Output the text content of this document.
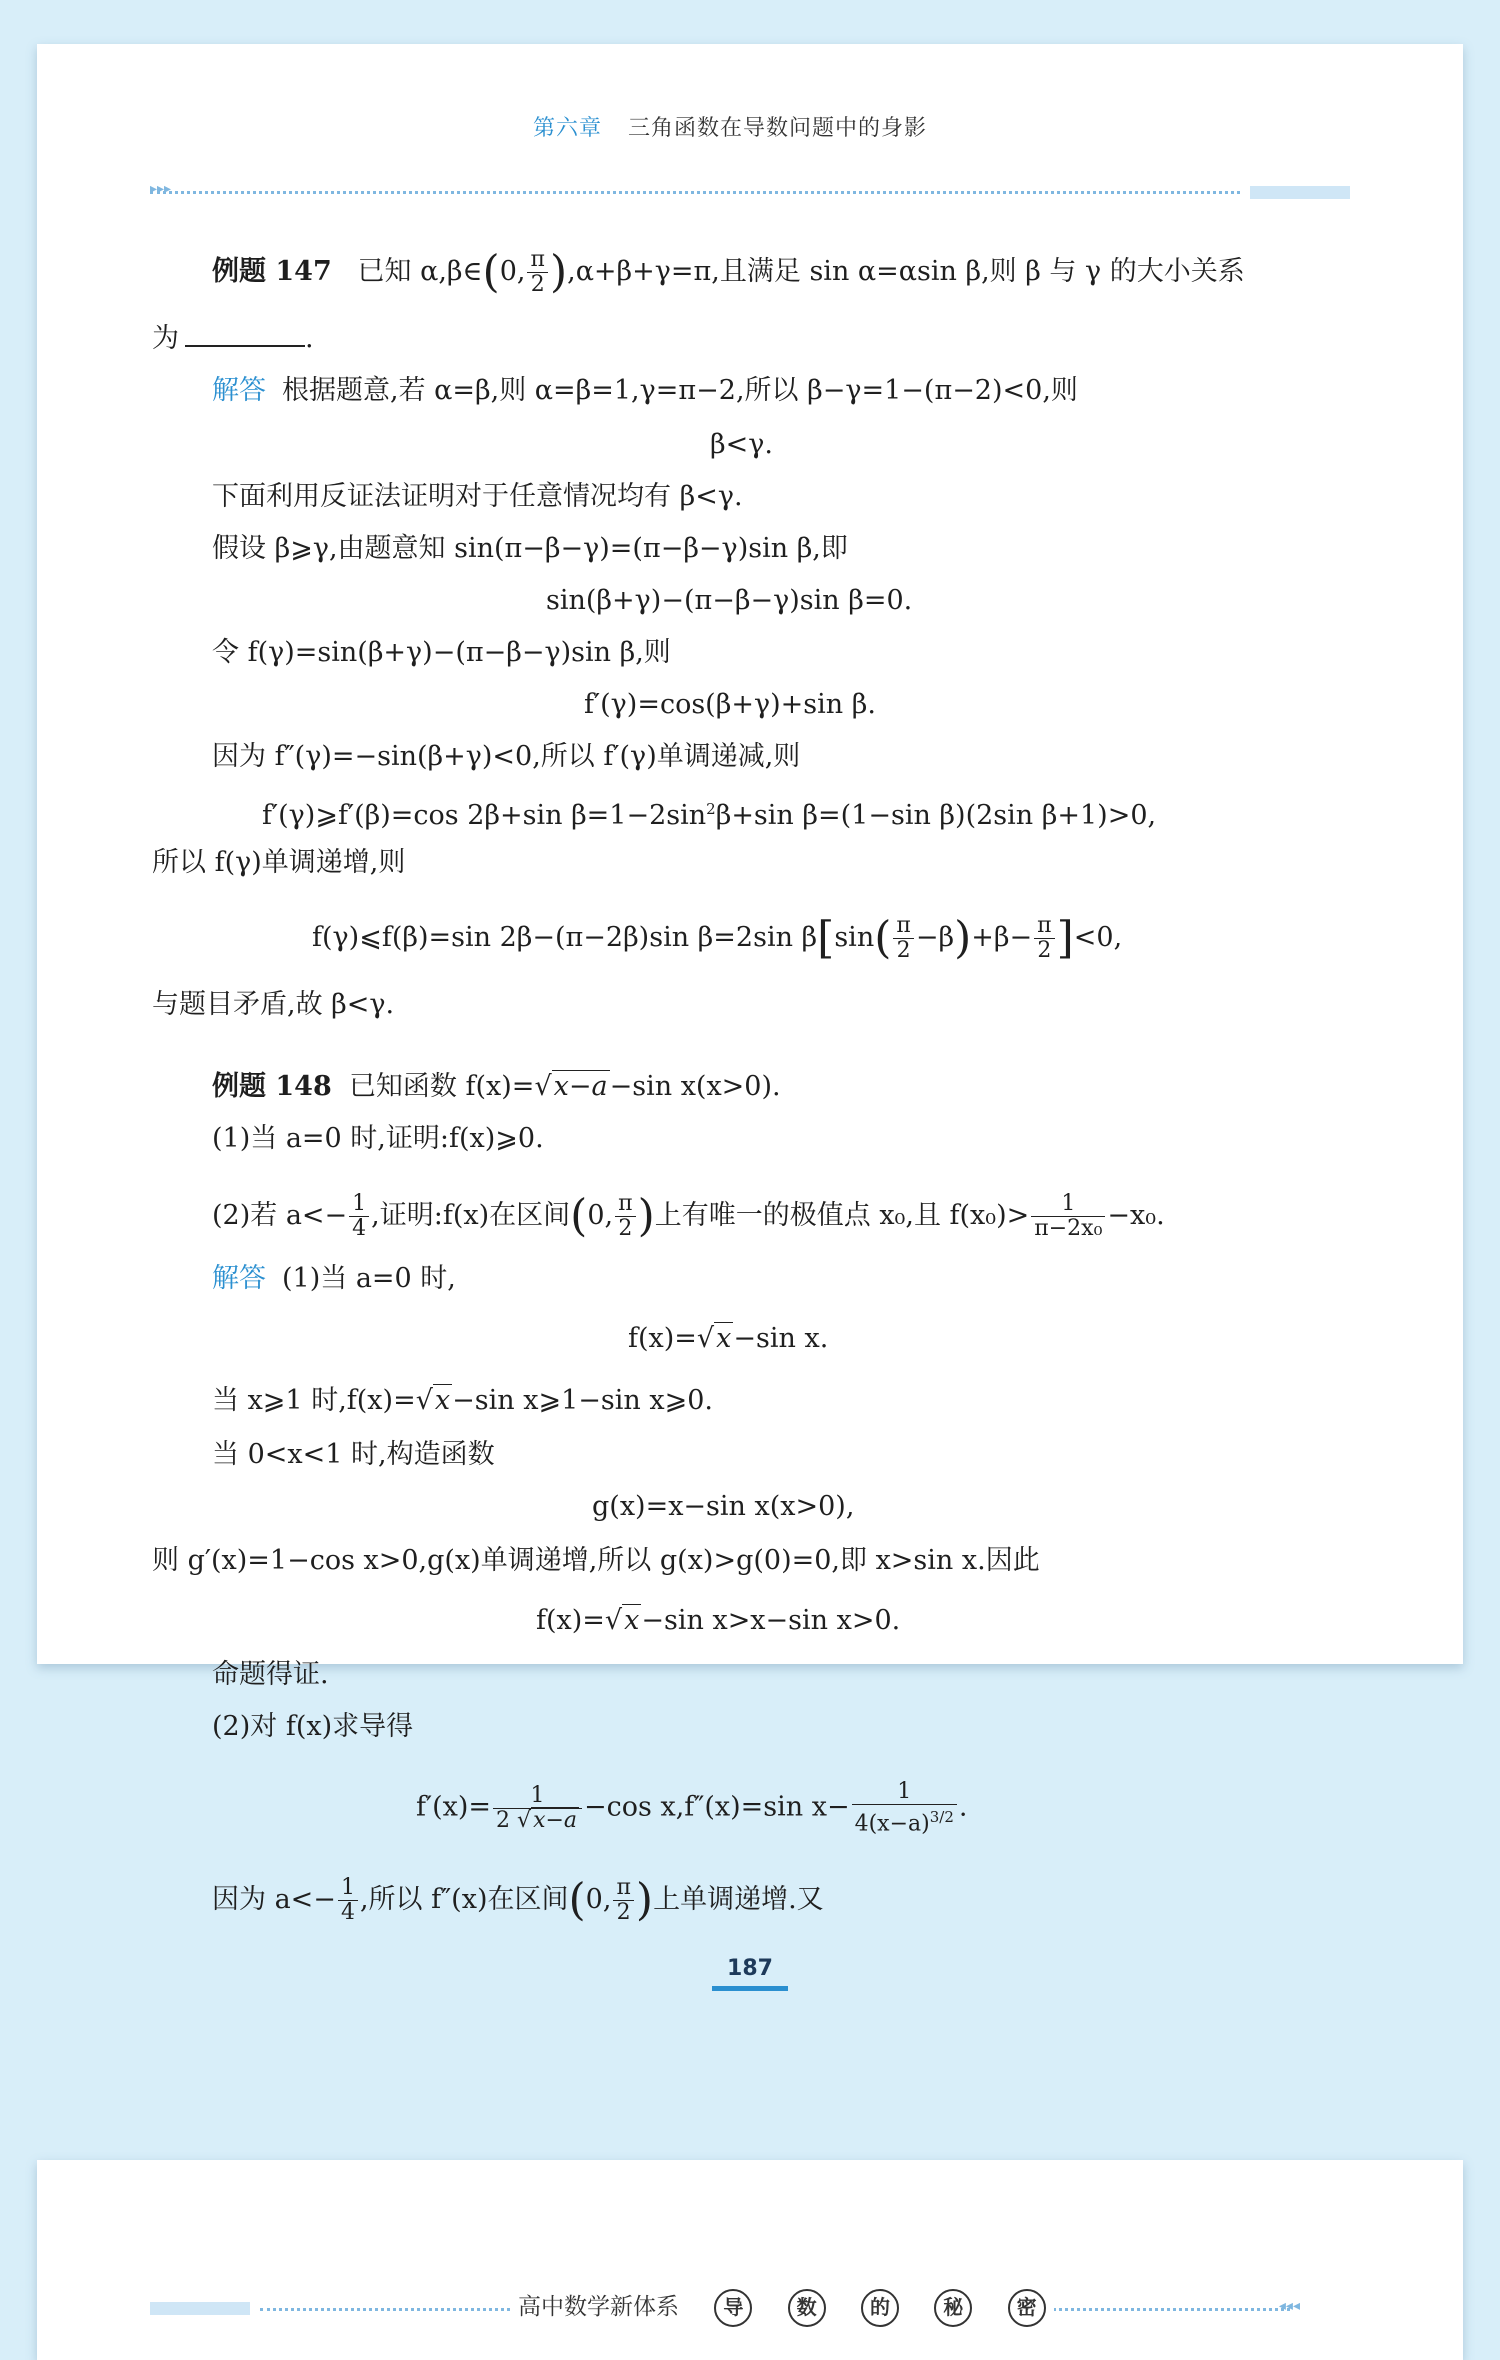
第六章 三角函数在导数问题中的身影
▸▸▸
例题 147 已知 α,β∈(0, $\frac{\pi}{2} ),\alpha+\beta+\gamma=\pi$,且满足 sin α=αsin β,则 β 与 γ 的大小关系
为	.
解答 根据题意,若 α=β,则 α=β=1,γ=π−2,所以 β−γ=1−(π−2)<0,则
β<γ.
下面利用反证法证明对于任意情况均有 β<γ.
假设 β⩾γ,由题意知 sin(π−β−γ)=(π−β−γ)sin β,即
sin(β+γ)−(π−β−γ)sin β=0.
令 f(γ)=sin(β+γ)−(π−β−γ)sin β,则
f′(γ)=cos(β+γ)+sin β.
因为 f″(γ)=−sin(β+γ)<0,所以 f′(γ)单调递减,则
f′(γ)⩾f′(β)=cos 2β+sin $\beta=1-2\sin^2\beta+\sin$ β=(1−sin β)(2sin β+1)>0,
所以 f(γ)单调递增,则
f(γ)⩽f(β)=sin 2β−(π−2β)sin β=2sin $\beta[\sin( \frac{\pi}{2} -\beta)+\beta- \frac{\pi}{2} ]<0$,
与题目矛盾,故 β<γ.
例题 148 已知函数 f(x)=√x−a−sin x(x>0).
(1)当 a=0 时,证明:f(x)⩾0.
(2)若 $a<- \frac{1}{4}$ ,证明:f(x)在区间(0, $\frac{\pi}{2}$ )上有唯一的极值点 x₀,且 $f(x_0)> \frac{1}{\text{π−2x₀}} -x_0$.
解答 (1)当 a=0 时,
f(x)=√x−sin x.
当 x⩾1 时,f(x)=√x−sin x⩾1−sin x⩾0.
当 0<x<1 时,构造函数
g(x)=x−sin x(x>0),
则 g′(x)=1−cos x>0,g(x)单调递增,所以 g(x)>g(0)=0,即 x>sin x.因此
f(x)=√x−sin x>x−sin x>0.
命题得证.
(2)对 f(x)求导得
$f'(x)= \frac{1}{2 √x-a} -\cos$ x,f″(x)=sin $x- \frac{1}{4(x-a)^{3/2}}$ .
因为 $a<- \frac{1}{4}$ ,所以 f″(x)在区间(0, $\frac{\pi}{2}$ )上单调递增.又
187
高中数学新体系 导	数	的	秘	密	◂◂◂
